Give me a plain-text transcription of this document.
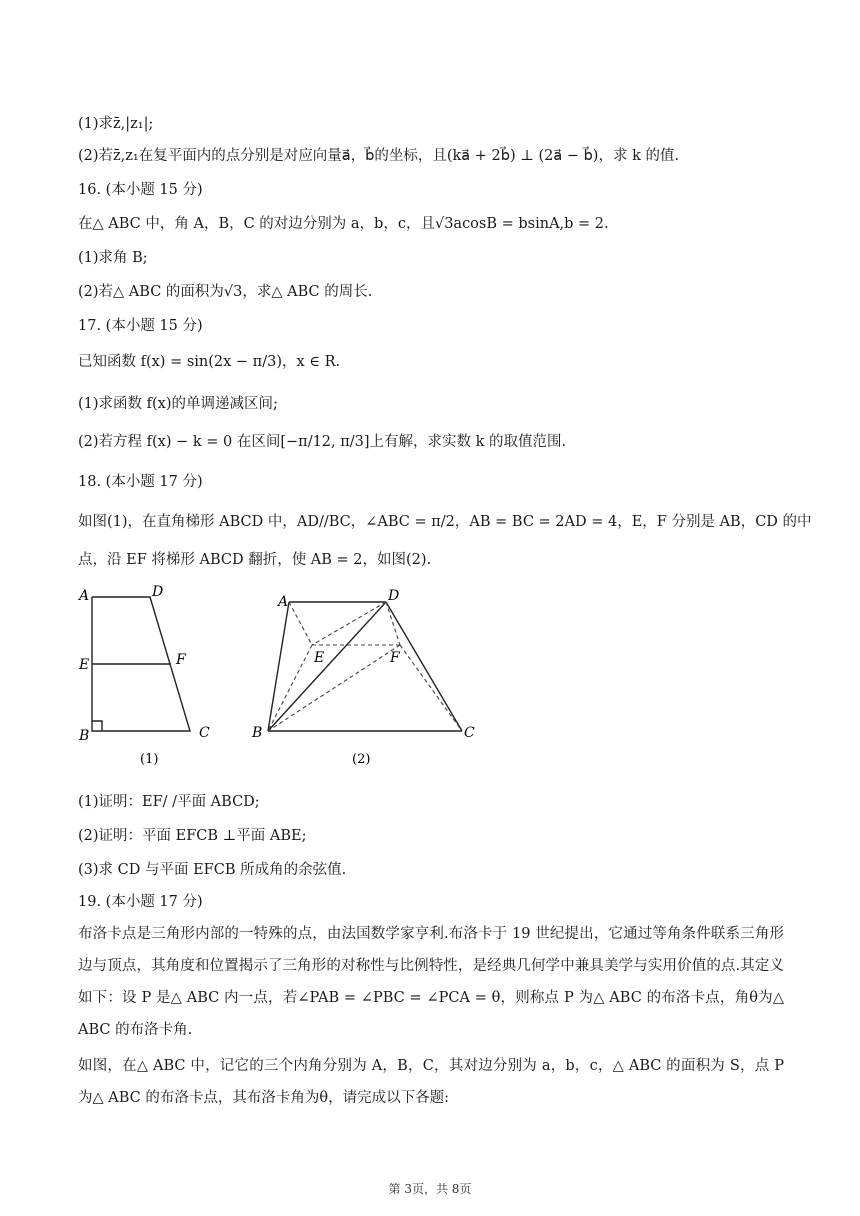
(1)求z̄,|z₁|;
(2)若z̄,z₁在复平面内的点分别是对应向量a⃗，b⃗的坐标，且(ka⃗ + 2b⃗) ⊥ (2a⃗ − b⃗)，求 k 的值.
16. (本小题 15 分)
在△ ABC 中，角 A，B，C 的对边分别为 a，b，c，且√3acosB = bsinA,b = 2.
(1)求角 B;
(2)若△ ABC 的面积为√3，求△ ABC 的周长.
17. (本小题 15 分)
已知函数 f(x) = sin(2x − π/3)，x ∈ R.
(1)求函数 f(x)的单调递减区间;
(2)若方程 f(x) − k = 0 在区间[−π/12, π/3]上有解，求实数 k 的取值范围.
18. (本小题 17 分)
如图(1)，在直角梯形 ABCD 中，AD//BC，∠ABC = π/2，AB = BC = 2AD = 4，E，F 分别是 AB，CD 的中
点，沿 EF 将梯形 ABCD 翻折，使 AB = 2，如图(2).
A	D
E	F
B	C
(1)
A	D
E	F
B	C
(2)
(1)证明：EF/ /平面 ABCD;
(2)证明：平面 EFCB ⊥平面 ABE;
(3)求 CD 与平面 EFCB 所成角的余弦值.
19. (本小题 17 分)
布洛卡点是三角形内部的一特殊的点，由法国数学家亨利.布洛卡于 19 世纪提出，它通过等角条件联系三角形边与顶点，其角度和位置揭示了三角形的对称性与比例特性，是经典几何学中兼具美学与实用价值的点.其定义如下：设 P 是△ ABC 内一点，若∠PAB = ∠PBC = ∠PCA = θ，则称点 P 为△ ABC 的布洛卡点，角θ为△ ABC 的布洛卡角.
如图，在△ ABC 中，记它的三个内角分别为 A，B，C，其对边分别为 a，b，c，△ ABC 的面积为 S，点 P 为△ ABC 的布洛卡点，其布洛卡角为θ，请完成以下各题:
第 3页，共 8页
